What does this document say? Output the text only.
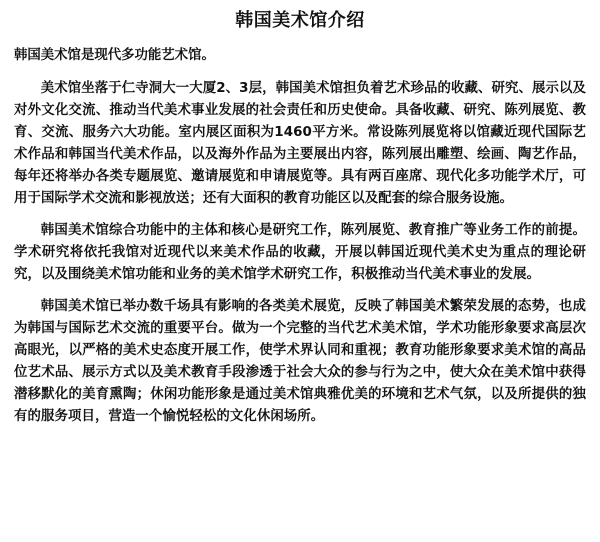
韩国美术馆介绍

韩国美术馆是现代多功能艺术馆。

美术馆坐落于仁寺洞大一大厦2、3层，韩国美术馆担负着艺术珍品的收藏、研究、展示以及对外文化交流、推动当代美术事业发展的社会责任和历史使命。具备收藏、研究、陈列展览、教育、交流、服务六大功能。室内展区面积为1460平方米。常设陈列展览将以馆藏近现代国际艺术作品和韩国当代美术作品，以及海外作品为主要展出内容，陈列展出雕塑、绘画、陶艺作品，每年还将举办各类专题展览、邀请展览和申请展览等。具有两百座席、现代化多功能学术厅，可用于国际学术交流和影视放送；还有大面积的教育功能区以及配套的综合服务设施。

韩国美术馆综合功能中的主体和核心是研究工作，陈列展览、教育推广等业务工作的前提。学术研究将依托我馆对近现代以来美术作品的收藏，开展以韩国近现代美术史为重点的理论研究，以及围绕美术馆功能和业务的美术馆学术研究工作，积极推动当代美术事业的发展。

韩国美术馆已举办数千场具有影响的各类美术展览，反映了韩国美术繁荣发展的态势，也成为韩国与国际艺术交流的重要平台。做为一个完整的当代艺术美术馆，学术功能形象要求高层次高眼光，以严格的美术史态度开展工作，使学术界认同和重视；教育功能形象要求美术馆的高品位艺术品、展示方式以及美术教育手段渗透于社会大众的参与行为之中，使大众在美术馆中获得潜移默化的美育熏陶；休闲功能形象是通过美术馆典雅优美的环境和艺术气氛，以及所提供的独有的服务项目，营造一个愉悦轻松的文化休闲场所。
